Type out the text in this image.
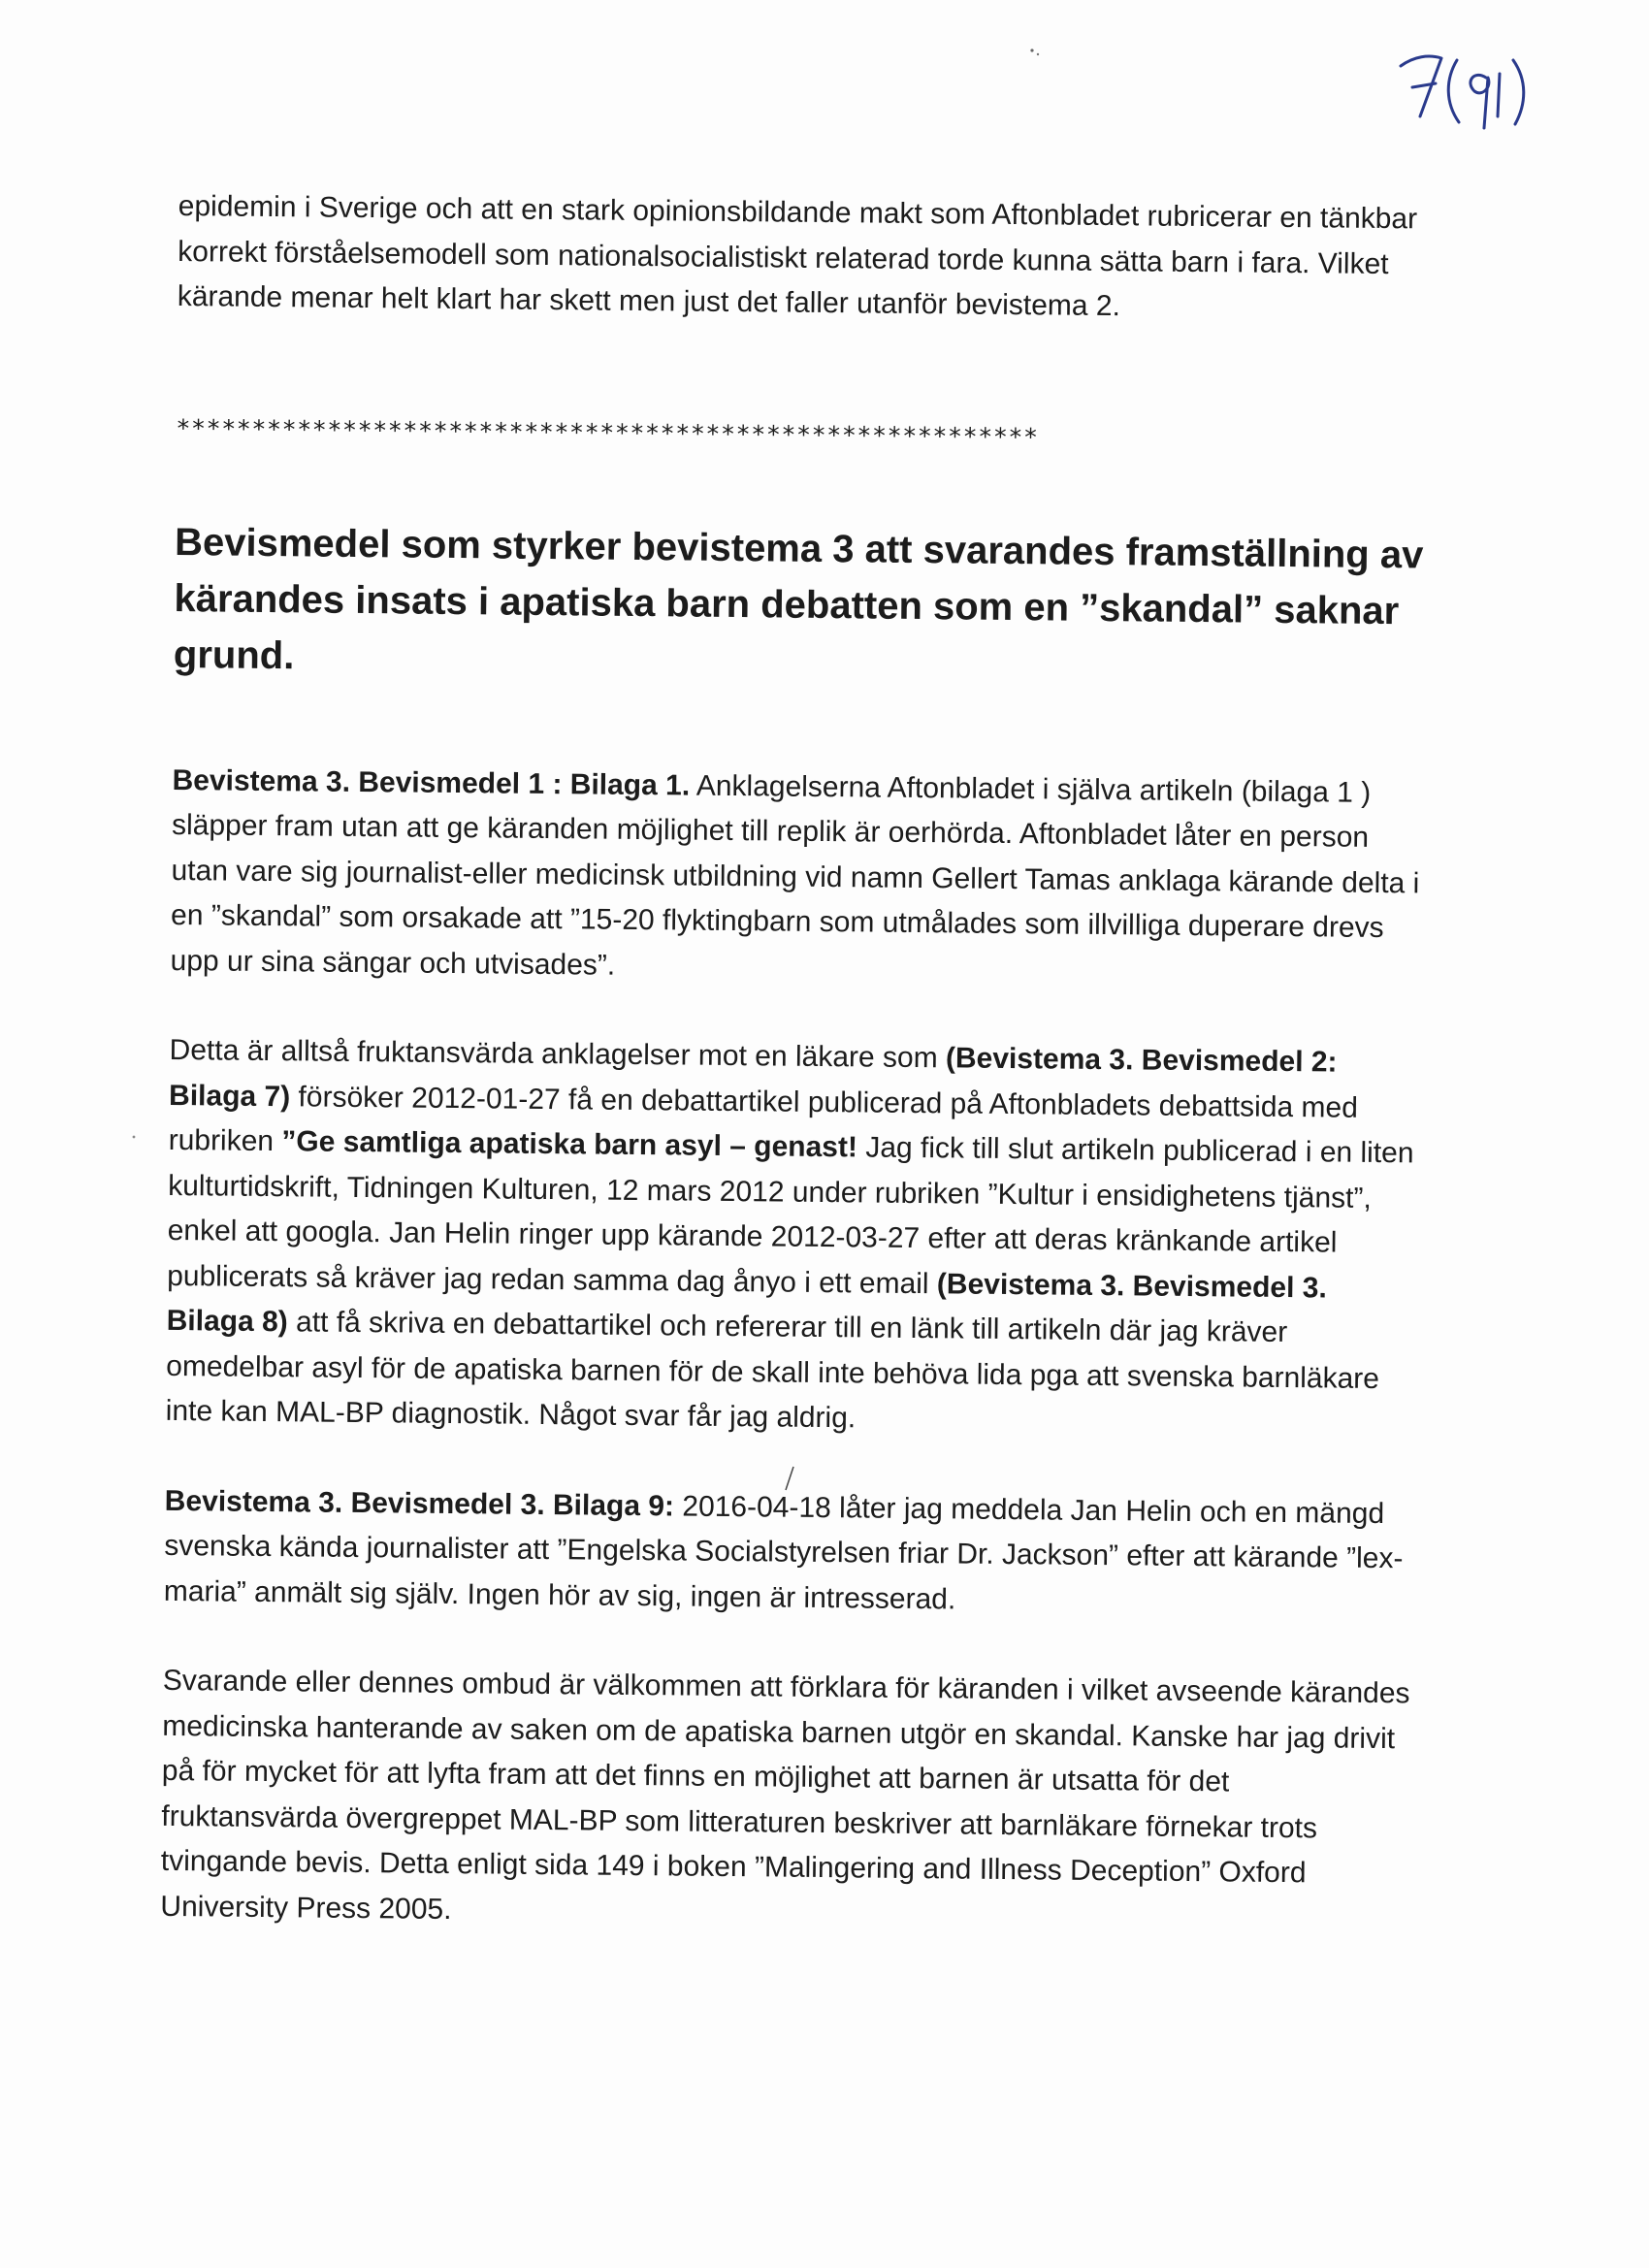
epidemin i Sverige och att en stark opinionsbildande makt som Aftonbladet rubricerar en tänkbar korrekt förståelsemodell som nationalsocialistiskt relaterad torde kunna sätta barn i fara. Vilket kärande menar helt klart har skett men just det faller utanför bevistema 2.

*********************************************************
Bevismedel som styrker bevistema 3 att svarandes framställning av kärandes insats i apatiska barn debatten som en ”skandal” saknar grund.

Bevistema 3. Bevismedel 1 : Bilaga 1. Anklagelserna Aftonbladet i själva artikeln (bilaga 1 ) släpper fram utan att ge käranden möjlighet till replik är oerhörda. Aftonbladet låter en person utan vare sig journalist-eller medicinsk utbildning vid namn Gellert Tamas anklaga kärande delta i en ”skandal” som orsakade att ”15-20 flyktingbarn som utmålades som illvilliga duperare drevs upp ur sina sängar och utvisades”.

Detta är alltså fruktansvärda anklagelser mot en läkare som (Bevistema 3. Bevismedel 2: Bilaga 7) försöker 2012-01-27 få en debattartikel publicerad på Aftonbladets debattsida med rubriken ”Ge samtliga apatiska barn asyl – genast! Jag fick till slut artikeln publicerad i en liten kulturtidskrift, Tidningen Kulturen, 12 mars 2012 under rubriken ”Kultur i ensidighetens tjänst”, enkel att googla. Jan Helin ringer upp kärande 2012-03-27 efter att deras kränkande artikel publicerats så kräver jag redan samma dag ånyo i ett email (Bevistema 3. Bevismedel 3. Bilaga 8) att få skriva en debattartikel och refererar till en länk till artikeln där jag kräver omedelbar asyl för de apatiska barnen för de skall inte behöva lida pga att svenska barnläkare inte kan MAL-BP diagnostik. Något svar får jag aldrig.

Bevistema 3. Bevismedel 3. Bilaga 9: 2016-04-18 låter jag meddela Jan Helin och en mängd svenska kända journalister att ”Engelska Socialstyrelsen friar Dr. Jackson” efter att kärande ”lex-maria” anmält sig själv. Ingen hör av sig, ingen är intresserad.

Svarande eller dennes ombud är välkommen att förklara för käranden i vilket avseende kärandes medicinska hanterande av saken om de apatiska barnen utgör en skandal. Kanske har jag drivit på för mycket för att lyfta fram att det finns en möjlighet att barnen är utsatta för det fruktansvärda övergreppet MAL-BP som litteraturen beskriver att barnläkare förnekar trots tvingande bevis. Detta enligt sida 149 i boken ”Malingering and Illness Deception” Oxford University Press 2005.
